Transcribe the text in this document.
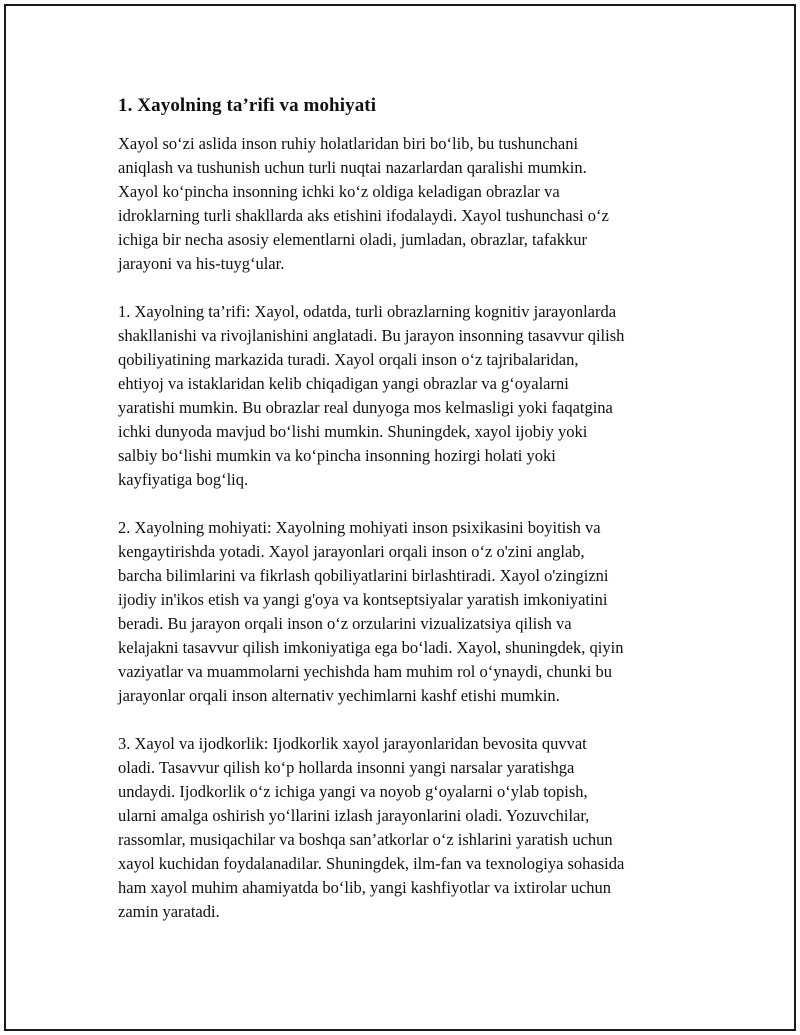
1. Xayolning ta’rifi va mohiyati

Xayol so‘zi aslida inson ruhiy holatlaridan biri bo‘lib, bu tushunchani
aniqlash va tushunish uchun turli nuqtai nazarlardan qaralishi mumkin.
Xayol ko‘pincha insonning ichki ko‘z oldiga keladigan obrazlar va
idroklarning turli shakllarda aks etishini ifodalaydi. Xayol tushunchasi o‘z
ichiga bir necha asosiy elementlarni oladi, jumladan, obrazlar, tafakkur
jarayoni va his-tuyg‘ular.

1. Xayolning ta’rifi: Xayol, odatda, turli obrazlarning kognitiv jarayonlarda
shakllanishi va rivojlanishini anglatadi. Bu jarayon insonning tasavvur qilish
qobiliyatining markazida turadi. Xayol orqali inson o‘z tajribalaridan,
ehtiyoj va istaklaridan kelib chiqadigan yangi obrazlar va g‘oyalarni
yaratishi mumkin. Bu obrazlar real dunyoga mos kelmasligi yoki faqatgina
ichki dunyoda mavjud bo‘lishi mumkin. Shuningdek, xayol ijobiy yoki
salbiy bo‘lishi mumkin va ko‘pincha insonning hozirgi holati yoki
kayfiyatiga bog‘liq.

2. Xayolning mohiyati: Xayolning mohiyati inson psixikasini boyitish va
kengaytirishda yotadi. Xayol jarayonlari orqali inson o‘z o'zini anglab,
barcha bilimlarini va fikrlash qobiliyatlarini birlashtiradi. Xayol o'zingizni
ijodiy in'ikos etish va yangi g'oya va kontseptsiyalar yaratish imkoniyatini
beradi. Bu jarayon orqali inson o‘z orzularini vizualizatsiya qilish va
kelajakni tasavvur qilish imkoniyatiga ega bo‘ladi. Xayol, shuningdek, qiyin
vaziyatlar va muammolarni yechishda ham muhim rol o‘ynaydi, chunki bu
jarayonlar orqali inson alternativ yechimlarni kashf etishi mumkin.

3. Xayol va ijodkorlik: Ijodkorlik xayol jarayonlaridan bevosita quvvat
oladi. Tasavvur qilish ko‘p hollarda insonni yangi narsalar yaratishga
undaydi. Ijodkorlik o‘z ichiga yangi va noyob g‘oyalarni o‘ylab topish,
ularni amalga oshirish yo‘llarini izlash jarayonlarini oladi. Yozuvchilar,
rassomlar, musiqachilar va boshqa san’atkorlar o‘z ishlarini yaratish uchun
xayol kuchidan foydalanadilar. Shuningdek, ilm-fan va texnologiya sohasida
ham xayol muhim ahamiyatda bo‘lib, yangi kashfiyotlar va ixtirolar uchun
zamin yaratadi.
